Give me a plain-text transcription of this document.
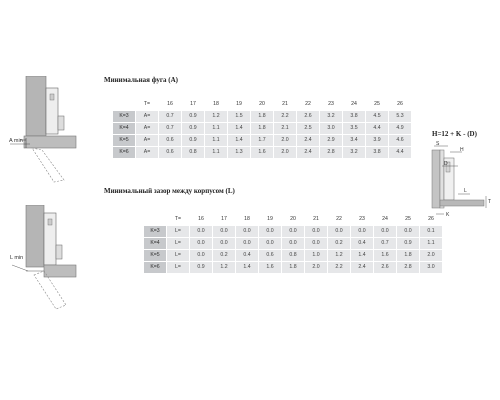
A min
L min
Минимальная фуга (А)
	T=	16	17	18	19	20	21	22	23	24	25	26
K=3	A=	0.7	0.9	1.2	1.5	1.8	2.2	2.6	3.2	3.8	4.5	5.3
K=4	A=	0.7	0.9	1.1	1.4	1.8	2.1	2.5	3.0	3.5	4.4	4.9
K=5	A=	0.6	0.9	1.1	1.4	1.7	2.0	2.4	2.9	3.4	3.9	4.6
K=6	A=	0.6	0.8	1.1	1.3	1.6	2.0	2.4	2.8	3.2	3.8	4.4
Минимальный зазор между корпусом (L)
	T=	16	17	18	19	20	21	22	23	24	25	26
K=3	L=	0.0	0.0	0.0	0.0	0.0	0.0	0.0	0.0	0.0	0.0	0.1
K=4	L=	0.0	0.0	0.0	0.0	0.0	0.0	0.2	0.4	0.7	0.9	1.1
K=5	L=	0.0	0.2	0.4	0.6	0.8	1.0	1.2	1.4	1.6	1.8	2.0
K=6	L=	0.9	1.2	1.4	1.6	1.8	2.0	2.2	2.4	2.6	2.8	3.0
H=12 + K - (D)
S
H
D
L
K
T
